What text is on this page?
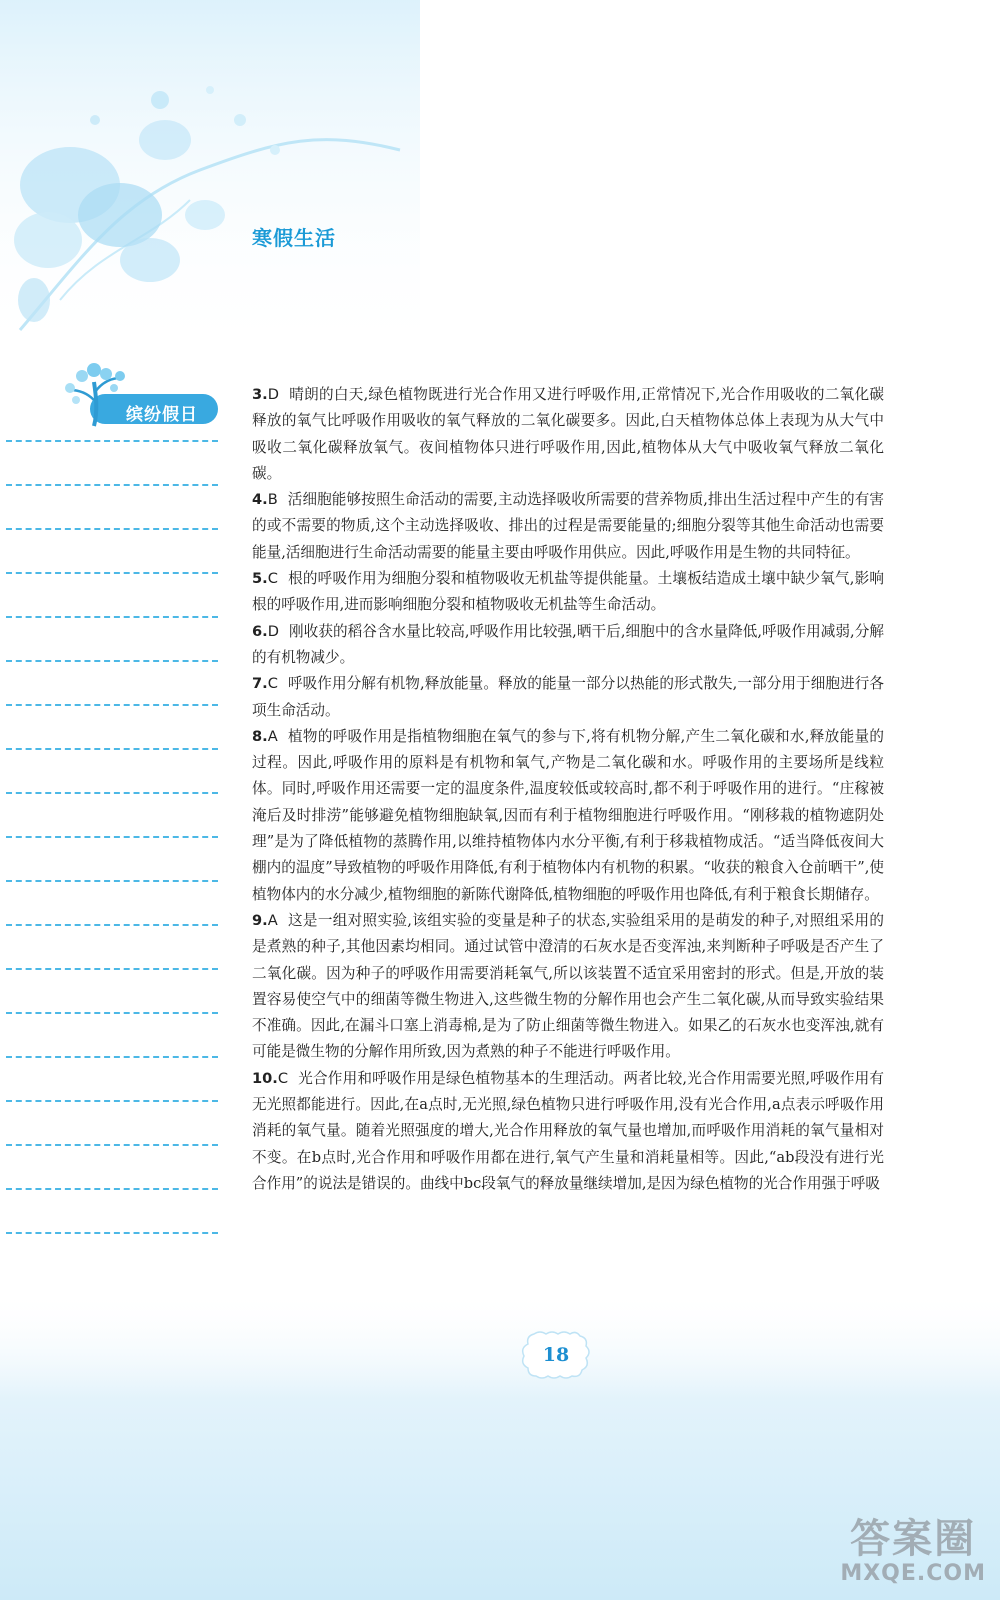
寒假生活
缤纷假日

3.D 晴朗的白天,绿色植物既进行光合作用又进行呼吸作用,正常情况下,光合作用吸收的二氧化碳释放的氧气比呼吸作用吸收的氧气释放的二氧化碳要多。因此,白天植物体总体上表现为从大气中吸收二氧化碳释放氧气。夜间植物体只进行呼吸作用,因此,植物体从大气中吸收氧气释放二氧化碳。

4.B 活细胞能够按照生命活动的需要,主动选择吸收所需要的营养物质,排出生活过程中产生的有害的或不需要的物质,这个主动选择吸收、排出的过程是需要能量的;细胞分裂等其他生命活动也需要能量,活细胞进行生命活动需要的能量主要由呼吸作用供应。因此,呼吸作用是生物的共同特征。

5.C 根的呼吸作用为细胞分裂和植物吸收无机盐等提供能量。土壤板结造成土壤中缺少氧气,影响根的呼吸作用,进而影响细胞分裂和植物吸收无机盐等生命活动。

6.D 刚收获的稻谷含水量比较高,呼吸作用比较强,晒干后,细胞中的含水量降低,呼吸作用减弱,分解的有机物减少。

7.C 呼吸作用分解有机物,释放能量。释放的能量一部分以热能的形式散失,一部分用于细胞进行各项生命活动。

8.A 植物的呼吸作用是指植物细胞在氧气的参与下,将有机物分解,产生二氧化碳和水,释放能量的过程。因此,呼吸作用的原料是有机物和氧气,产物是二氧化碳和水。呼吸作用的主要场所是线粒体。同时,呼吸作用还需要一定的温度条件,温度较低或较高时,都不利于呼吸作用的进行。“庄稼被淹后及时排涝”能够避免植物细胞缺氧,因而有利于植物细胞进行呼吸作用。“刚移栽的植物遮阴处理”是为了降低植物的蒸腾作用,以维持植物体内水分平衡,有利于移栽植物成活。“适当降低夜间大棚内的温度”导致植物的呼吸作用降低,有利于植物体内有机物的积累。“收获的粮食入仓前晒干”,使植物体内的水分减少,植物细胞的新陈代谢降低,植物细胞的呼吸作用也降低,有利于粮食长期储存。

9.A 这是一组对照实验,该组实验的变量是种子的状态,实验组采用的是萌发的种子,对照组采用的是煮熟的种子,其他因素均相同。通过试管中澄清的石灰水是否变浑浊,来判断种子呼吸是否产生了二氧化碳。因为种子的呼吸作用需要消耗氧气,所以该装置不适宜采用密封的形式。但是,开放的装置容易使空气中的细菌等微生物进入,这些微生物的分解作用也会产生二氧化碳,从而导致实验结果不准确。因此,在漏斗口塞上消毒棉,是为了防止细菌等微生物进入。如果乙的石灰水也变浑浊,就有可能是微生物的分解作用所致,因为煮熟的种子不能进行呼吸作用。

10.C 光合作用和呼吸作用是绿色植物基本的生理活动。两者比较,光合作用需要光照,呼吸作用有无光照都能进行。因此,在a点时,无光照,绿色植物只进行呼吸作用,没有光合作用,a点表示呼吸作用消耗的氧气量。随着光照强度的增大,光合作用释放的氧气量也增加,而呼吸作用消耗的氧气量相对不变。在b点时,光合作用和呼吸作用都在进行,氧气产生量和消耗量相等。因此,“ab段没有进行光合作用”的说法是错误的。曲线中bc段氧气的释放量继续增加,是因为绿色植物的光合作用强于呼吸

18
答案圈
MXQE.COM
